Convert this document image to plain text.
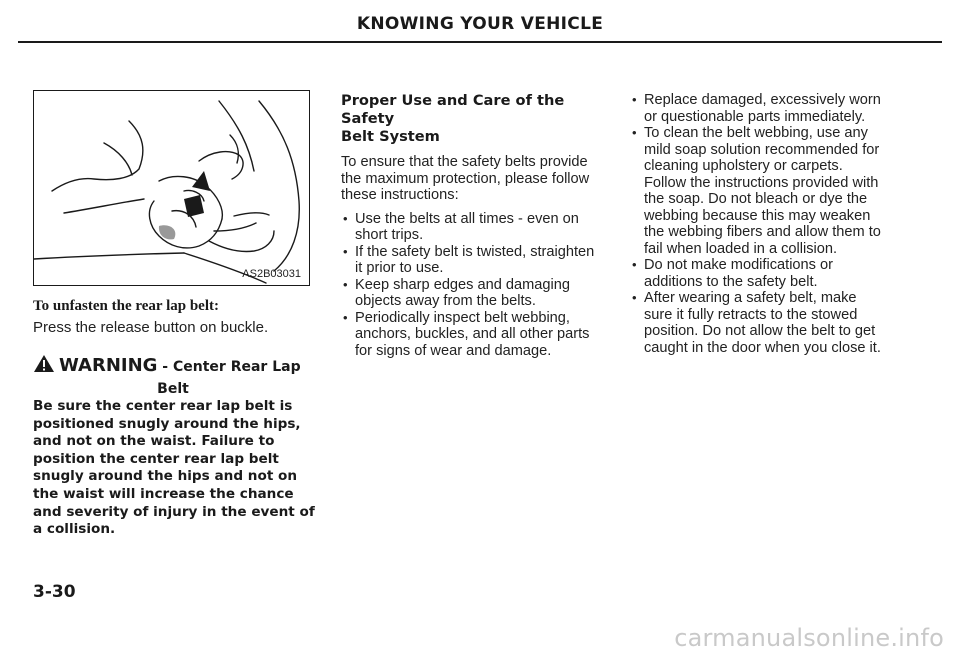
KNOWING YOUR VEHICLE
AS2B03031
To unfasten the rear lap belt:
Press the release button on buckle.
WARNING - Center Rear Lap
Belt
Be sure the center rear lap belt is
positioned snugly around the hips,
and not on the waist. Failure to
position the center rear lap belt
snugly around the hips and not on
the waist will increase the chance
and severity of injury in the event of
a collision.
3-30
Proper Use and Care of the Safety
Belt System
To ensure that the safety belts provide
the maximum protection, please follow
these instructions:
• Use the belts at all times - even on
short trips.
• If the safety belt is twisted, straighten
it prior to use.
• Keep sharp edges and damaging
objects away from the belts.
• Periodically inspect belt webbing,
anchors, buckles, and all other parts
for signs of wear and damage.
• Replace damaged, excessively worn
or questionable parts immediately.
• To clean the belt webbing, use any
mild soap solution recommended for
cleaning upholstery or carpets.
Follow the instructions provided with
the soap. Do not bleach or dye the
webbing because this may weaken
the webbing fibers and allow them to
fail when loaded in a collision.
• Do not make modifications or
additions to the safety belt.
• After wearing a safety belt, make
sure it fully retracts to the stowed
position. Do not allow the belt to get
caught in the door when you close it.
carmanualsonline.info
